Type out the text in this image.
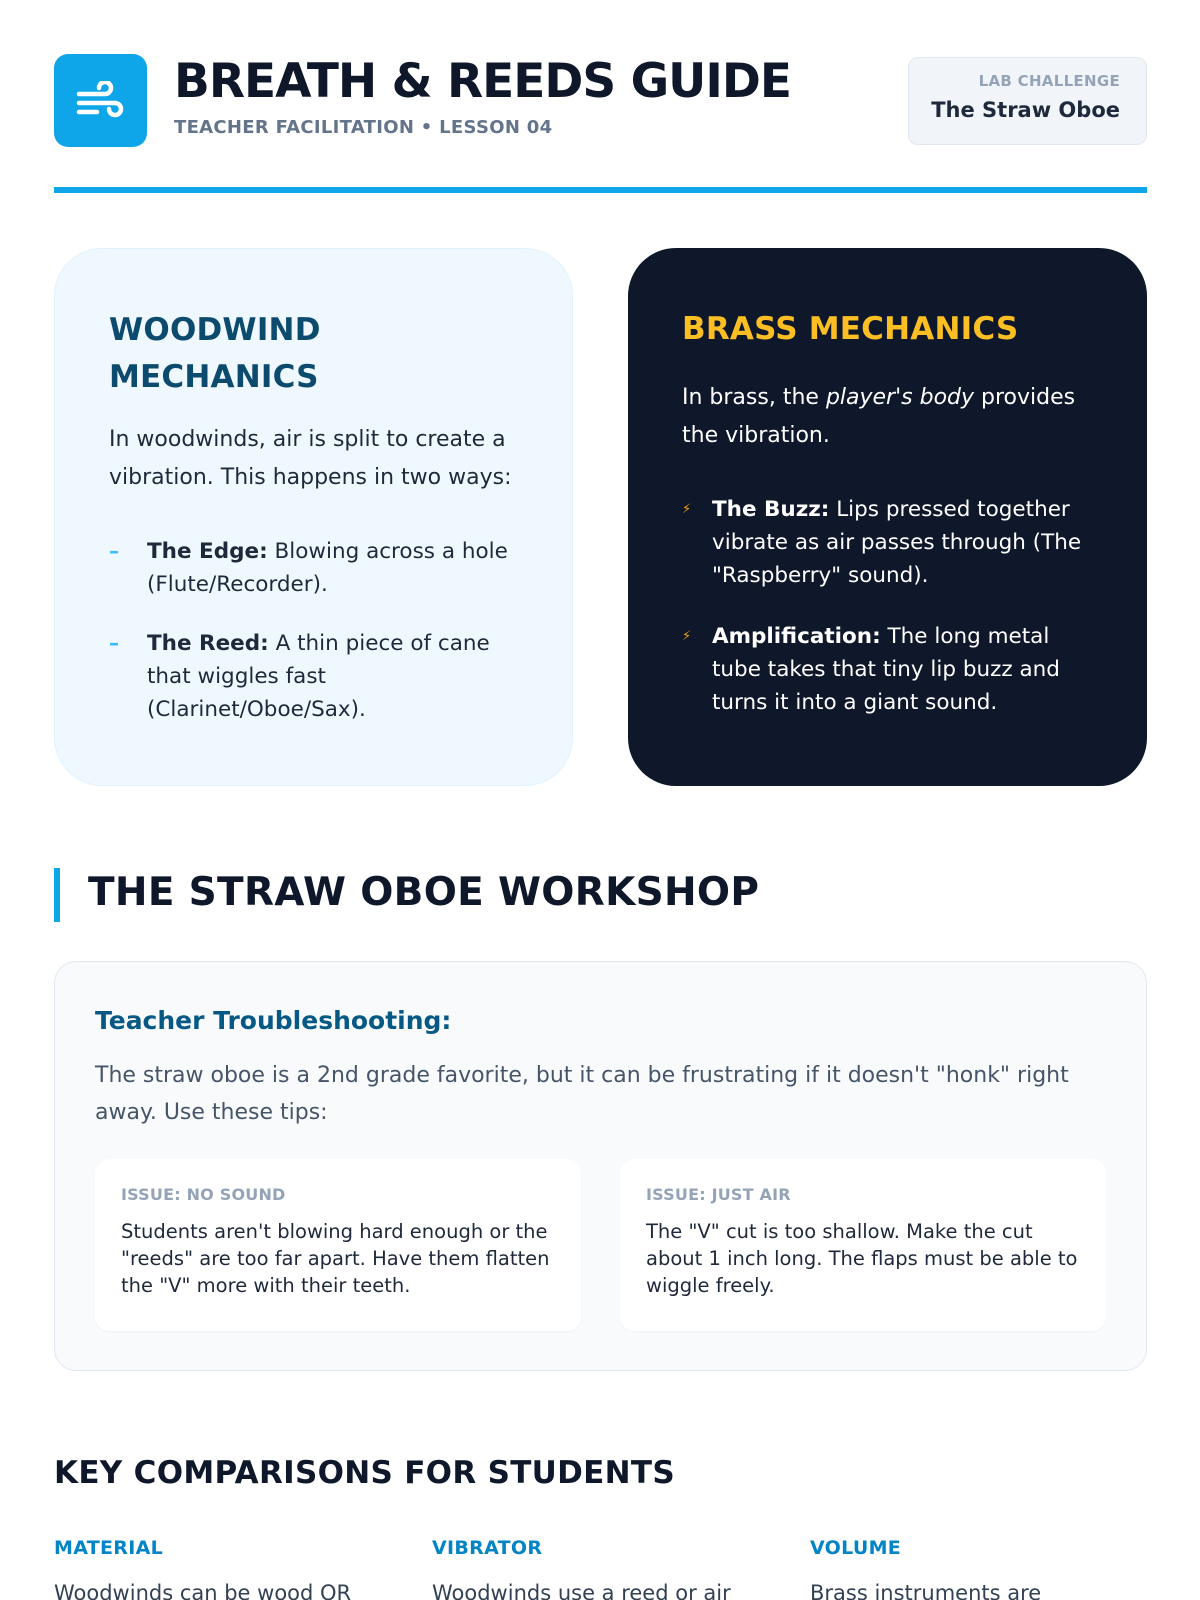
BREATH & REEDS GUIDE
TEACHER FACILITATION • LESSON 04
LAB CHALLENGE
The Straw Oboe
WOODWIND
MECHANICS

In woodwinds, air is split to create a vibration. This happens in two ways:

– The Edge: Blowing across a hole (Flute/Recorder).
– The Reed: A thin piece of cane that wiggles fast (Clarinet/Oboe/Sax).
BRASS MECHANICS

In brass, the player's body provides the vibration.

⚡ The Buzz: Lips pressed together vibrate as air passes through (The "Raspberry" sound).
⚡ Amplification: The long metal tube takes that tiny lip buzz and turns it into a giant sound.
THE STRAW OBOE WORKSHOP
Teacher Troubleshooting:

The straw oboe is a 2nd grade favorite, but it can be frustrating if it doesn't "honk" right away. Use these tips:

ISSUE: NO SOUND

Students aren't blowing hard enough or the "reeds" are too far apart. Have them flatten the "V" more with their teeth.

ISSUE: JUST AIR

The "V" cut is too shallow. Make the cut about 1 inch long. The flaps must be able to wiggle freely.

KEY COMPARISONS FOR STUDENTS
MATERIAL
Woodwinds can be wood OR
VIBRATOR
Woodwinds use a reed or air
VOLUME
Brass instruments are
